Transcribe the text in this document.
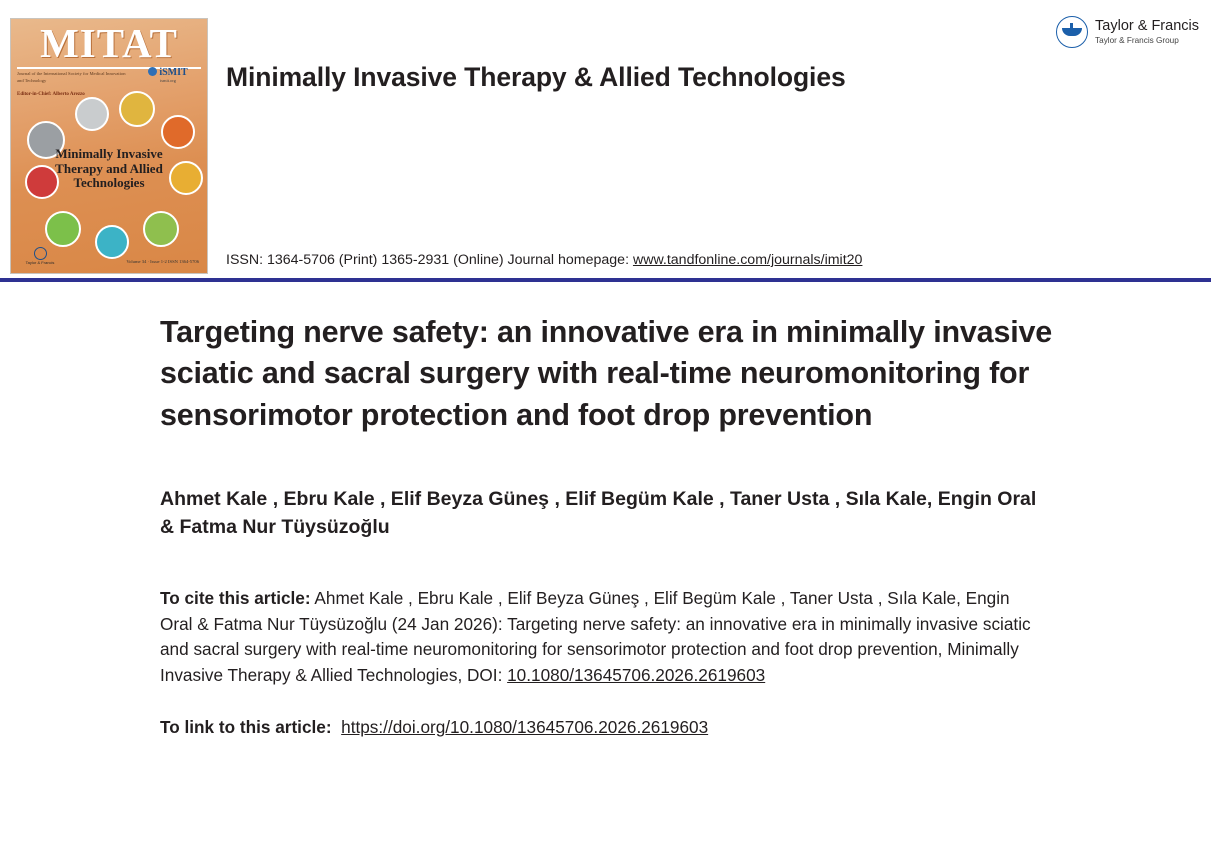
MITAT
Journal of the International Society for Medical Innovation and Technology
Editor-in-Chief: Alberto Arezzo
iSMIT
ismit.org
Minimally Invasive Therapy and Allied Technologies
Taylor & Francis	Volume 34 · Issue 1-2 ISSN 1364-5706
Minimally Invasive Therapy & Allied Technologies
Taylor & Francis
Taylor & Francis Group
ISSN: 1364-5706 (Print) 1365-2931 (Online) Journal homepage: www.tandfonline.com/journals/imit20
Targeting nerve safety: an innovative era in minimally invasive sciatic and sacral surgery with real-time neuromonitoring for sensorimotor protection and foot drop prevention
Ahmet Kale , Ebru Kale , Elif Beyza Güneş , Elif Begüm Kale , Taner Usta , Sıla Kale, Engin Oral & Fatma Nur Tüysüzoğlu
To cite this article: Ahmet Kale , Ebru Kale , Elif Beyza Güneş , Elif Begüm Kale , Taner Usta , Sıla Kale, Engin Oral & Fatma Nur Tüysüzoğlu (24 Jan 2026): Targeting nerve safety: an innovative era in minimally invasive sciatic and sacral surgery with real-time neuromonitoring for sensorimotor protection and foot drop prevention, Minimally Invasive Therapy & Allied Technologies, DOI: 10.1080/13645706.2026.2619603
To link to this article: https://doi.org/10.1080/13645706.2026.2619603
